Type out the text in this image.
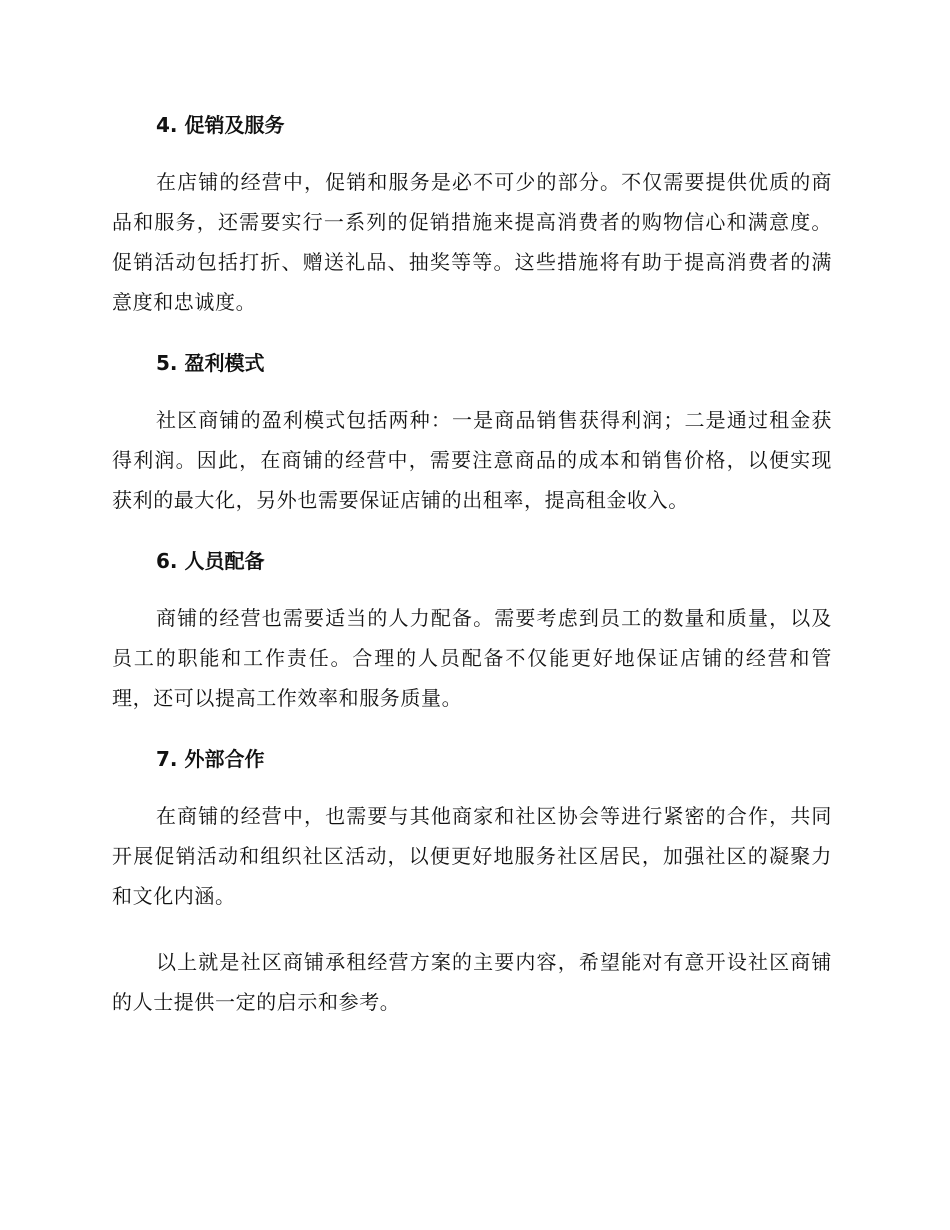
4. 促销及服务

在店铺的经营中，促销和服务是必不可少的部分。不仅需要提供优质的商品和服务，还需要实行一系列的促销措施来提高消费者的购物信心和满意度。促销活动包括打折、赠送礼品、抽奖等等。这些措施将有助于提高消费者的满意度和忠诚度。

5. 盈利模式

社区商铺的盈利模式包括两种：一是商品销售获得利润；二是通过租金获得利润。因此，在商铺的经营中，需要注意商品的成本和销售价格，以便实现获利的最大化，另外也需要保证店铺的出租率，提高租金收入。

6. 人员配备

商铺的经营也需要适当的人力配备。需要考虑到员工的数量和质量，以及员工的职能和工作责任。合理的人员配备不仅能更好地保证店铺的经营和管理，还可以提高工作效率和服务质量。

7. 外部合作

在商铺的经营中，也需要与其他商家和社区协会等进行紧密的合作，共同开展促销活动和组织社区活动，以便更好地服务社区居民，加强社区的凝聚力和文化内涵。

以上就是社区商铺承租经营方案的主要内容，希望能对有意开设社区商铺的人士提供一定的启示和参考。
